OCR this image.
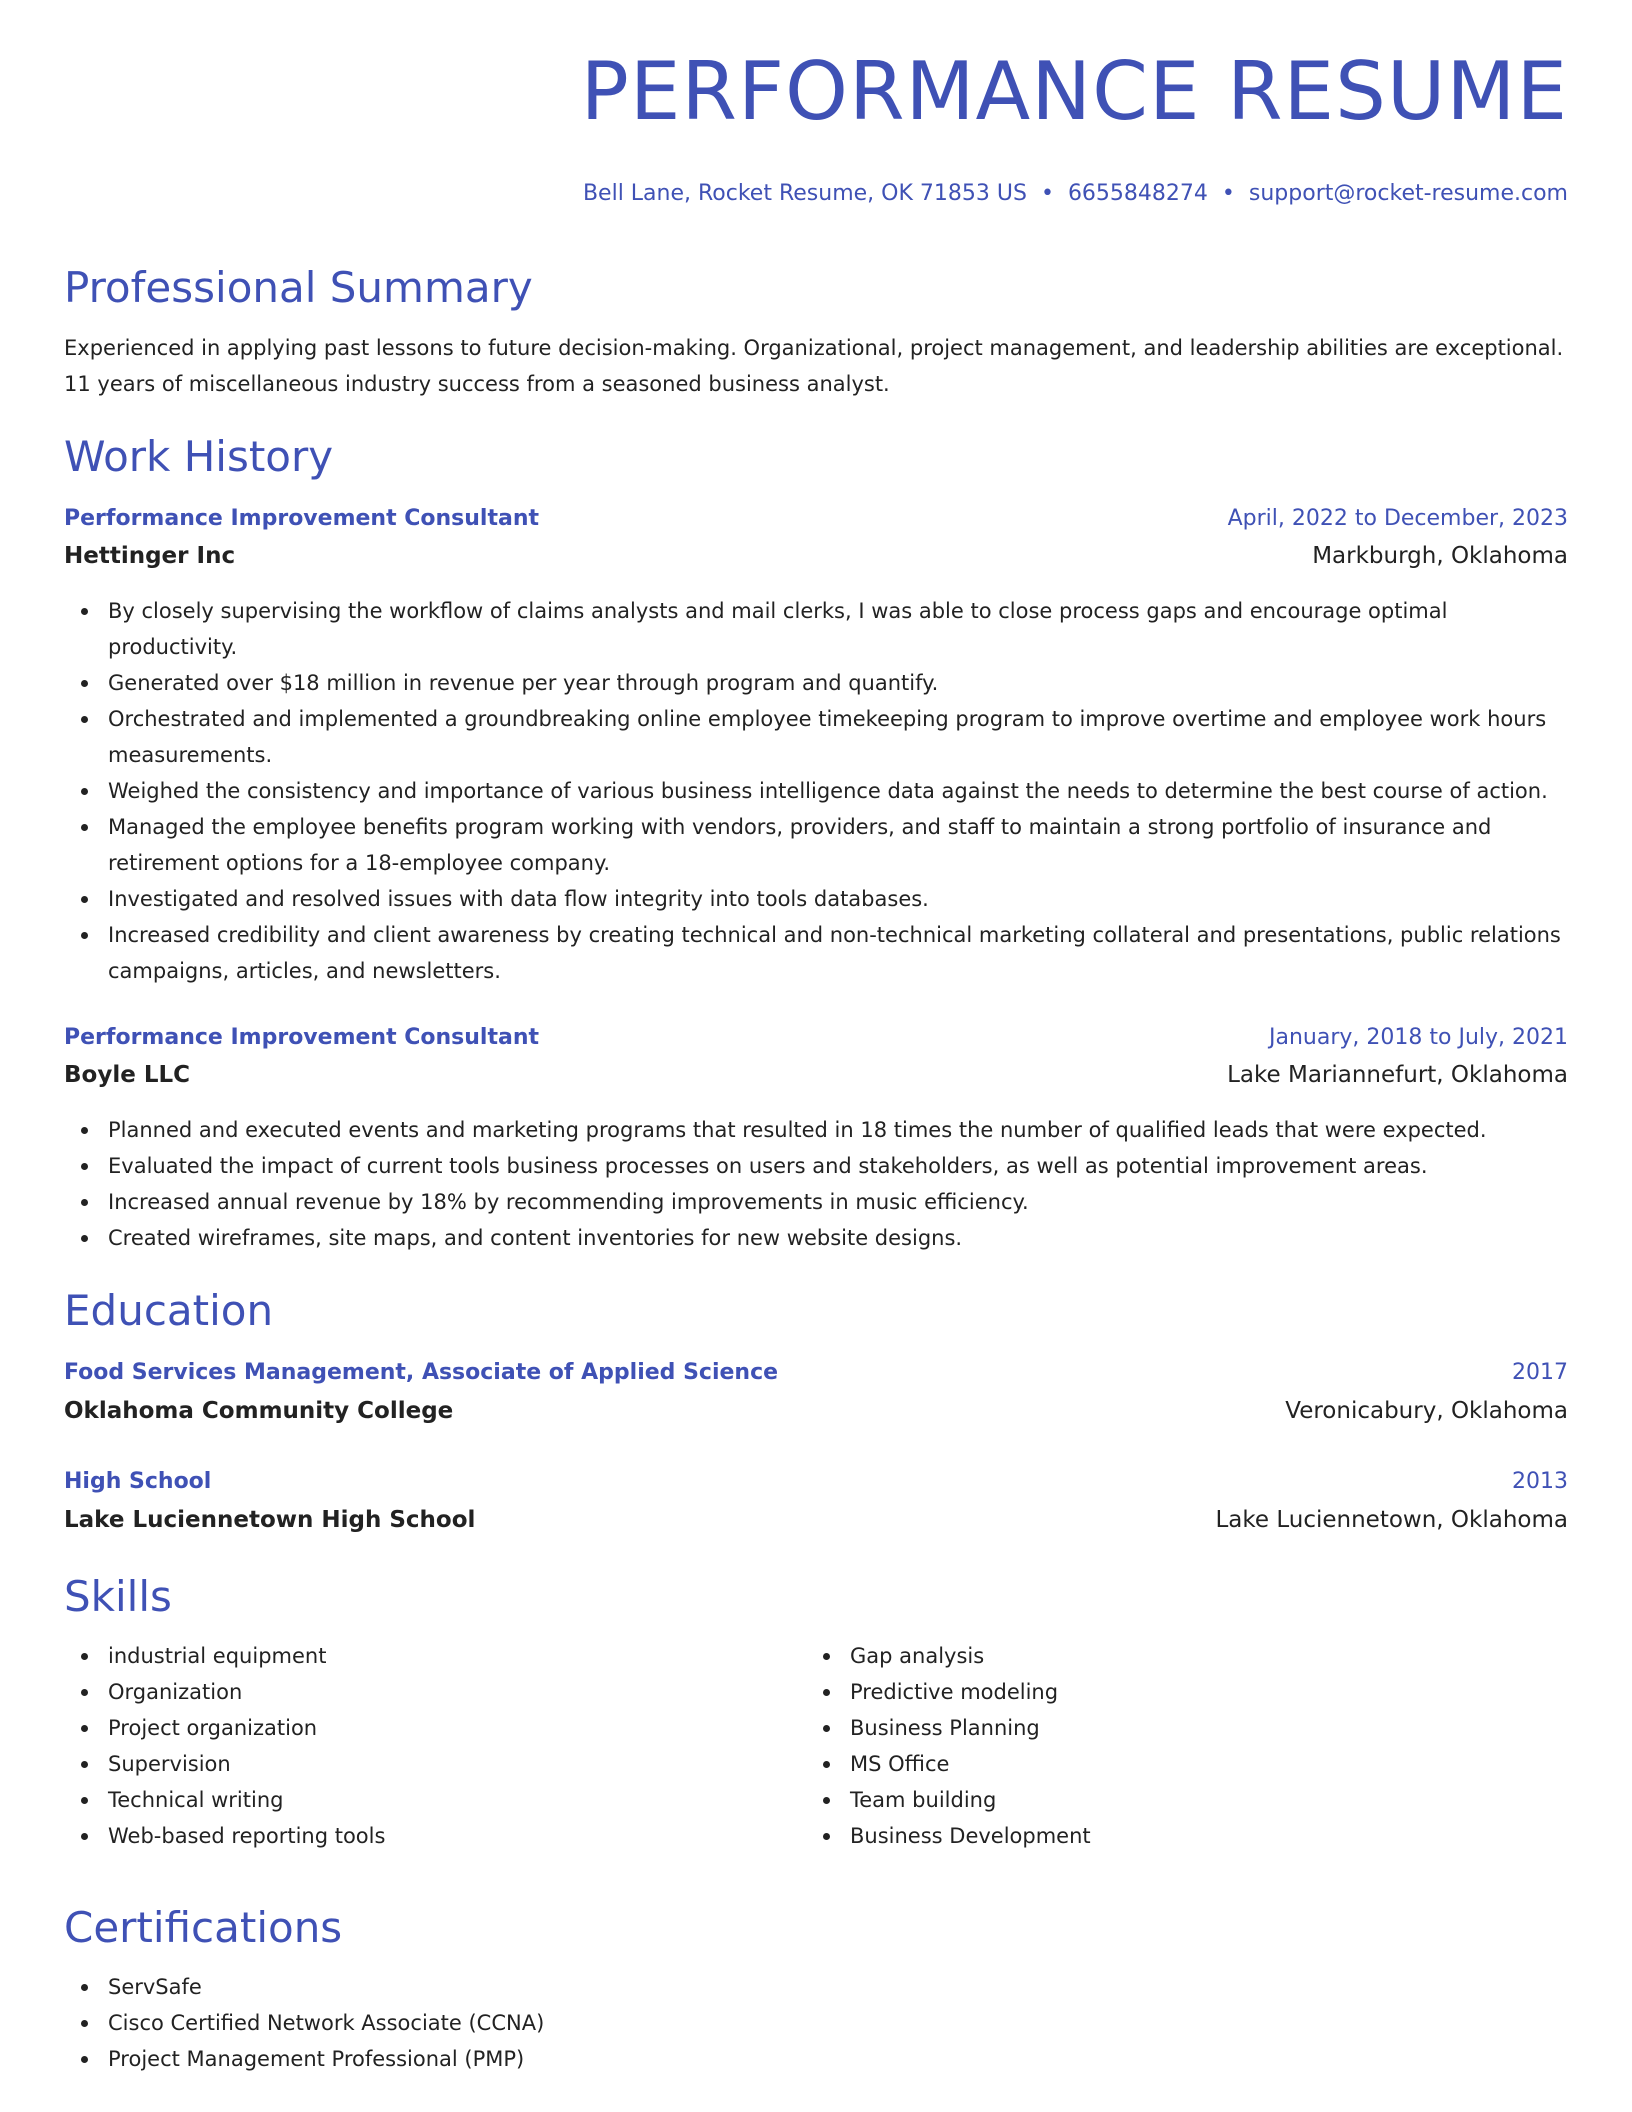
PERFORMANCE RESUME
Bell Lane, Rocket Resume, OK 71853 US • 6655848274 • support@rocket-resume.com
Professional Summary
Experienced in applying past lessons to future decision-making. Organizational, project management, and leadership abilities are exceptional. 11 years of miscellaneous industry success from a seasoned business analyst.
Work History
Performance Improvement Consultant	April, 2022 to December, 2023
Hettinger Inc	Markburgh, Oklahoma
By closely supervising the workflow of claims analysts and mail clerks, I was able to close process gaps and encourage optimal productivity.
Generated over $18 million in revenue per year through program and quantify.
Orchestrated and implemented a groundbreaking online employee timekeeping program to improve overtime and employee work hours measurements.
Weighed the consistency and importance of various business intelligence data against the needs to determine the best course of action.
Managed the employee benefits program working with vendors, providers, and staff to maintain a strong portfolio of insurance and retirement options for a 18-employee company.
Investigated and resolved issues with data flow integrity into tools databases.
Increased credibility and client awareness by creating technical and non-technical marketing collateral and presentations, public relations campaigns, articles, and newsletters.
Performance Improvement Consultant	January, 2018 to July, 2021
Boyle LLC	Lake Mariannefurt, Oklahoma
Planned and executed events and marketing programs that resulted in 18 times the number of qualified leads that were expected.
Evaluated the impact of current tools business processes on users and stakeholders, as well as potential improvement areas.
Increased annual revenue by 18% by recommending improvements in music efficiency.
Created wireframes, site maps, and content inventories for new website designs.
Education
Food Services Management, Associate of Applied Science	2017
Oklahoma Community College	Veronicabury, Oklahoma
High School	2013
Lake Luciennetown High School	Lake Luciennetown, Oklahoma
Skills
industrial equipment
Organization
Project organization
Supervision
Technical writing
Web-based reporting tools
Gap analysis
Predictive modeling
Business Planning
MS Office
Team building
Business Development
Certifications
ServSafe
Cisco Certified Network Associate (CCNA)
Project Management Professional (PMP)
